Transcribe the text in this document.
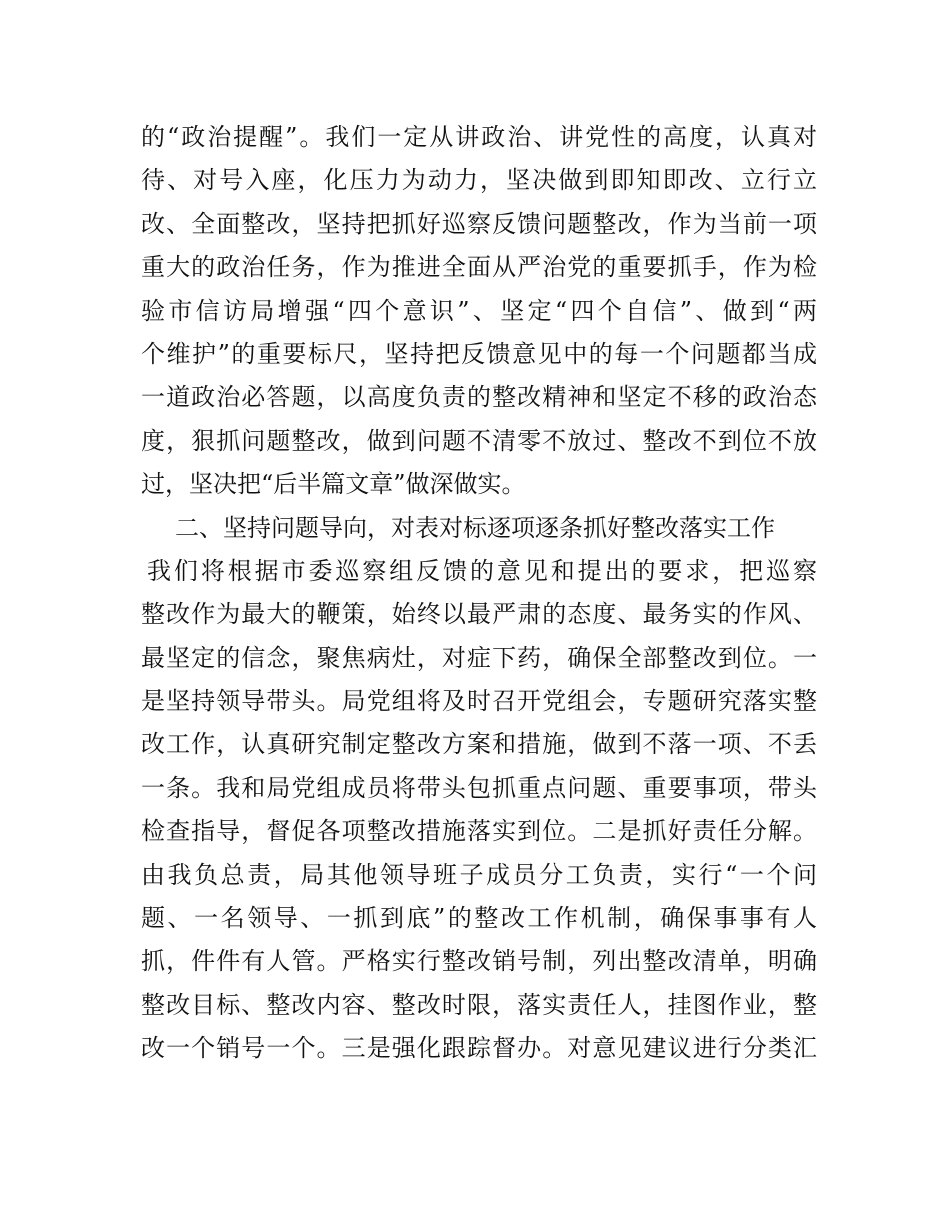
的“政治提醒”。我们一定从讲政治、讲党性的高度，认真对
待、对号入座，化压力为动力，坚决做到即知即改、立行立
改、全面整改，坚持把抓好巡察反馈问题整改，作为当前一项
重大的政治任务，作为推进全面从严治党的重要抓手，作为检
验市信访局增强“四个意识”、坚定“四个自信”、做到“两
个维护”的重要标尺，坚持把反馈意见中的每一个问题都当成
一道政治必答题，以高度负责的整改精神和坚定不移的政治态
度，狠抓问题整改，做到问题不清零不放过、整改不到位不放
过，坚决把“后半篇文章”做深做实。
二、坚持问题导向，对表对标逐项逐条抓好整改落实工作
我们将根据市委巡察组反馈的意见和提出的要求，把巡察
整改作为最大的鞭策，始终以最严肃的态度、最务实的作风、
最坚定的信念，聚焦病灶，对症下药，确保全部整改到位。一
是坚持领导带头。局党组将及时召开党组会，专题研究落实整
改工作，认真研究制定整改方案和措施，做到不落一项、不丢
一条。我和局党组成员将带头包抓重点问题、重要事项，带头
检查指导，督促各项整改措施落实到位。二是抓好责任分解。
由我负总责，局其他领导班子成员分工负责，实行“一个问
题、一名领导、一抓到底”的整改工作机制，确保事事有人
抓，件件有人管。严格实行整改销号制，列出整改清单，明确
整改目标、整改内容、整改时限，落实责任人，挂图作业，整
改一个销号一个。三是强化跟踪督办。对意见建议进行分类汇
